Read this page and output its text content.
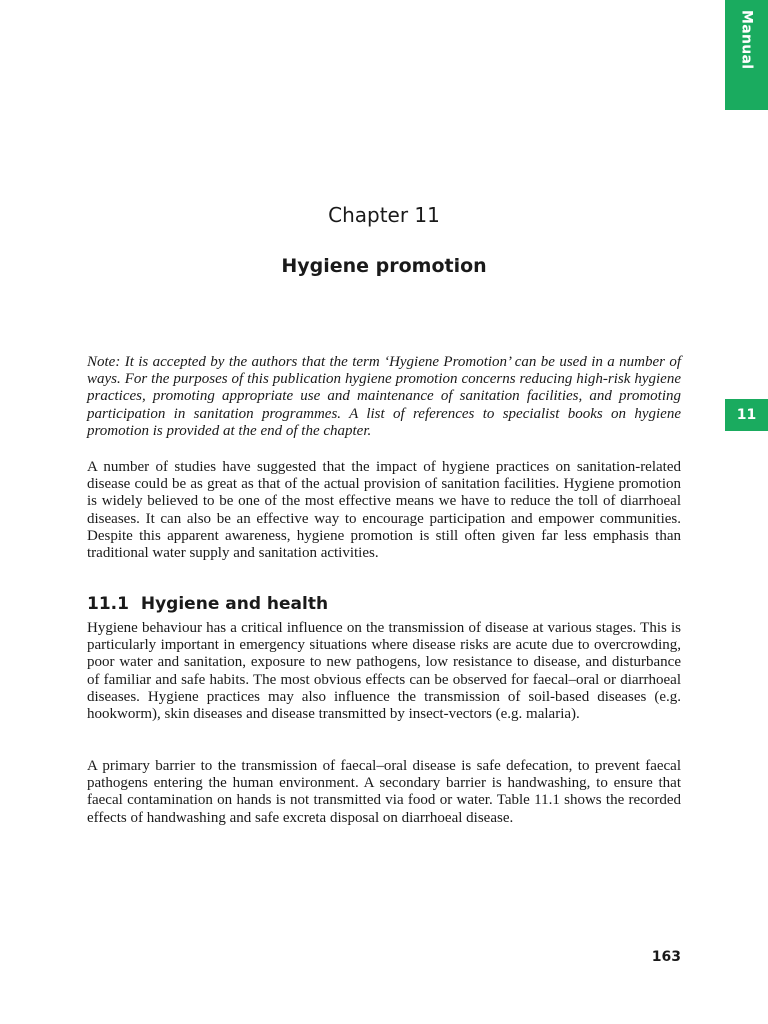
Manual
11
Chapter 11
Hygiene promotion

Note: It is accepted by the authors that the term ‘Hygiene Promotion’ can be used in a number of ways. For the purposes of this publication hygiene promotion concerns reducing high-risk hygiene practices, promoting appropriate use and maintenance of sanitation facilities, and promoting participation in sanitation programmes. A list of references to specialist books on hygiene promotion is provided at the end of the chapter.

A number of studies have suggested that the impact of hygiene practices on sanitation-related disease could be as great as that of the actual provision of sanitation facilities. Hygiene promotion is widely believed to be one of the most effective means we have to reduce the toll of diarrhoeal diseases. It can also be an effective way to encourage participation and empower communities. Despite this apparent awareness, hygiene promotion is still often given far less emphasis than traditional water supply and sanitation activities.

11.1 Hygiene and health

Hygiene behaviour has a critical influence on the transmission of disease at various stages. This is particularly important in emergency situations where disease risks are acute due to overcrowding, poor water and sanitation, exposure to new pathogens, low resistance to disease, and disturbance of familiar and safe habits. The most obvious effects can be observed for faecal–oral or diarrhoeal diseases. Hygiene practices may also influence the transmission of soil-based diseases (e.g. hookworm), skin diseases and disease transmitted by insect-vectors (e.g. malaria).

A primary barrier to the transmission of faecal–oral disease is safe defecation, to prevent faecal pathogens entering the human environment. A secondary barrier is handwashing, to ensure that faecal contamination on hands is not transmitted via food or water. Table 11.1 shows the recorded effects of handwashing and safe excreta disposal on diarrhoeal disease.

163
